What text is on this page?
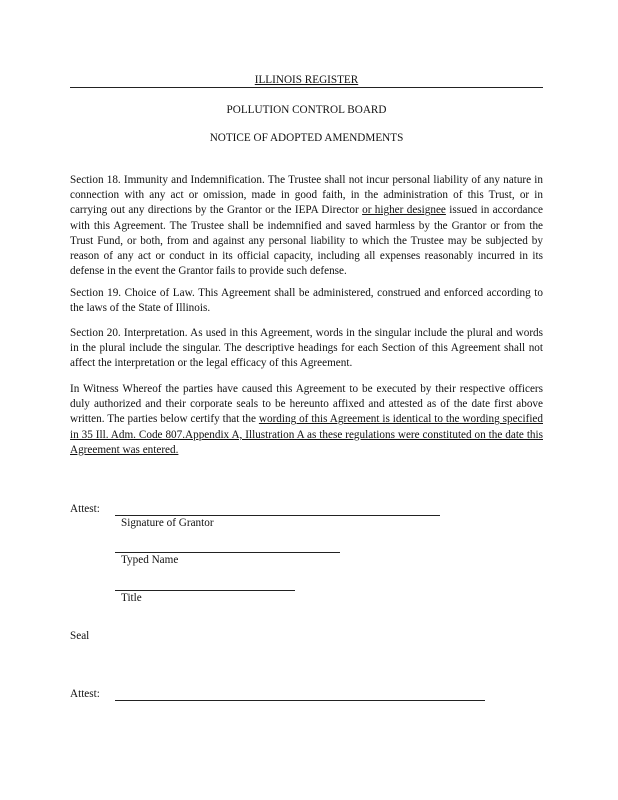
ILLINOIS REGISTER
POLLUTION CONTROL BOARD
NOTICE OF ADOPTED AMENDMENTS
Section 18. Immunity and Indemnification. The Trustee shall not incur personal liability of any nature in connection with any act or omission, made in good faith, in the administration of this Trust, or in carrying out any directions by the Grantor or the IEPA Director or higher designee issued in accordance with this Agreement. The Trustee shall be indemnified and saved harmless by the Grantor or from the Trust Fund, or both, from and against any personal liability to which the Trustee may be subjected by reason of any act or conduct in its official capacity, including all expenses reasonably incurred in its defense in the event the Grantor fails to provide such defense.
Section 19. Choice of Law. This Agreement shall be administered, construed and enforced according to the laws of the State of Illinois.
Section 20. Interpretation. As used in this Agreement, words in the singular include the plural and words in the plural include the singular. The descriptive headings for each Section of this Agreement shall not affect the interpretation or the legal efficacy of this Agreement.
In Witness Whereof the parties have caused this Agreement to be executed by their respective officers duly authorized and their corporate seals to be hereunto affixed and attested as of the date first above written. The parties below certify that the wording of this Agreement is identical to the wording specified in 35 Ill. Adm. Code 807.Appendix A, Illustration A as these regulations were constituted on the date this Agreement was entered.
Attest:
Signature of Grantor
Typed Name
Title
Seal
Attest:
